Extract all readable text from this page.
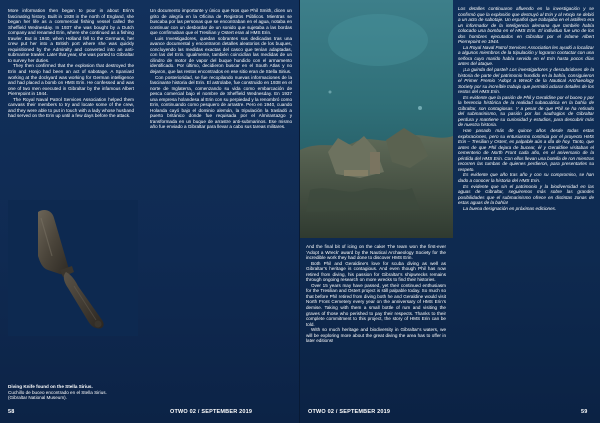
More information then began to pour in about Erin’s fascinating history. Built in 1938 in the north of England, she began her life as a commercial fishing vessel called the Sheffield Wednesday. In 1937 she was bought by a Dutch company and renamed Erin, where she continued as a fishing trawler. But in 1940, when Holland fell to the Germans, her crew put her into a British port where she was quickly requisitioned by the Admiralty and converted into an anti-submarine trawler. Later that year, she was ported to Gibraltar to survey her duties.

They then confirmed that the explosion that destroyed the Erin and Honjo had been an act of sabotage. A Spaniard working at the dockyard was working for German intelligence and had placed a bomb on HMS Erin. He confessed and was one of two men executed in Gibraltar by the infamous Albert Pierrepoint in 1944.

The Royal Naval Patrol Services Association helped them canvass their members to try and locate some of the crew, and they were able to put in touch with a lady whose husband had served on the Erin up until a few days before the attack.

Un documento importante y único que Nos que Phil Smith, dicen un grito de alegría en la Oficina de Registros Públicos. Mientras se buscaba por las personas que se encontraban en el agua, notaba en continuar con un desbordar de un sonido que sujetaba a las bordas que confirmaban que el Tresilian y Ostert eran al HMS Erin.

Luis Investigadores, quedan sobrantes sus dedicadas tras una avance documental y encontraron detalles aleatorios de los buques, concluyendo las medidas exactas del casco que tenían adaptadas, con las del Erin. Igualmente, también coincidían las medidas de un cilindro de motor de vapor del buque hundido con el armamento identificado. Por último, decidieron buscar en el South Atlas y no dejaron, que las restos encontrados en ese sitio eran de Stella Sirius.

Con posterioridad, se fue recopilando nuevas informaciones de la fascinante historia del Erin. El astrolabe, fue construido en 1938 en el norte de Inglaterra, comenzando su vida como embarcación de pesca comercial bajo el nombre de Sheffield Wednesday. En 1937 una empresa holandesa al Erin con su perpiedad y la renombró como Erin, continuando como pesquero de arrastre. Pero en 1940, cuando Holanda cayó bajo el dominio alemán, la tripulación la trasladó a puerto británico donde fue requisada por el Almirantazgo y transformada en un buque de arrastre anti-submarinos. Ese mismo año fue enviado a Gibraltar para llevar a cabo sus tareas militares.

Diving Knife found on the Stella Sirius.
Cuchillo de buceo encontrado en el Stella Sirius.
(Gibraltar National Museum).
58	OTWO 02 / SEPTEMBER 2019

And the final bit of icing on the cake! The team won the first-ever ‘Adopt a Wreck’ award by the Nautical Archaeology Society for the incredible work they had done to discover HMS Erin.

Both Phil and Geraldine’s love for scuba diving as well as Gibraltar’s heritage is contagious. And even though Phil has now retired from diving, his passion for Gibraltar’s shipwrecks remains through ongoing research on more wrecks to find their histories.

Over 15 years may have passed, yet their continued enthusiasm for the Tresilian and Ostert project is still palpable today. So much so that before Phil retired from diving both he and Geraldine would visit North Front Cemetery every year on the anniversary of HMS Erin’s demise. Taking with them a small bottle of rum and visiting the graves of those who perished to pay their respects. Thanks to their complete commitment to this project, the story of HMS Erin can be told.

With so much heritage and biodiversity in Gibraltar’s waters, we will be exploring more about the great diving the area has to offer in later editions!

Los detalles continuaron afluendo en la investigación y se confirmó que la explosión que destruyó al Erin y al Honjo se debió a un acto de sabotaje. Un español que trabajaba en el astillero era un informador de la inteligencia alemana que también había colocado una bomba en el HMS Erin. El individuo fue uno de los dos hombres ejecutados en Gibraltar por el infame Albert Pierrepoint en 1944.

La Royal Naval Patrol Services Association les ayudó a localizar a algunos miembros de la tripulación y lograron contactar con una señora cuyo marido había servido en el Erin hasta pocos días antes del ataque.

¡La guinda del pastel! Los investigadores y descubridores de la historia de parte del patrimonio hundido en la bahía, consiguieron el Primer Premio ‘Adopt a Wreck’ de la Nautical Archaeology Society por su increíble trabajo que permitió aclarar detalles de los restos del HMS Erin.

Es evidente que la pasión de Phil y Geraldine por el buceo y por la herencia histórica de la realidad subacuática en la bahía de Gibraltar, son contagiosas. Y a pesar de que Phil se ha retirado del submarinismo, su pasión por los naufragios de Gibraltar perdura y mantiene su curiosidad y estudios, para descubrir más de nuestra historia.

Han pasado más de quince años desde todas estas exploraciones, pero su entusiasmo continúa por el proyecto HMS Erin – Tresilian y Ostert, es palpable aún a día de hoy. Tanto, que antes de que Phil dejara de bucear, él y Geraldine visitaban el cementerio de North Front cada año, en el aniversario de la pérdida del HMS Erin. Con ellos llevan una botella de ron mientras recorren las tumbas de quienes perdieron, para presentarles su respeto.

Es evidente que año tras año y con su compromiso, se han dado a conocer la historia del HMS Erin.

Es evidente que sin el patrimonio y la biodiversidad en las aguas de Gibraltar, seguiremos más sobre las grandes posibilidades que el submarinismo ofrece en distintas zonas de estas aguas de la bahía!

La buena designación en próximas ediciones.

OTWO 02 / SEPTEMBER 2019	59
